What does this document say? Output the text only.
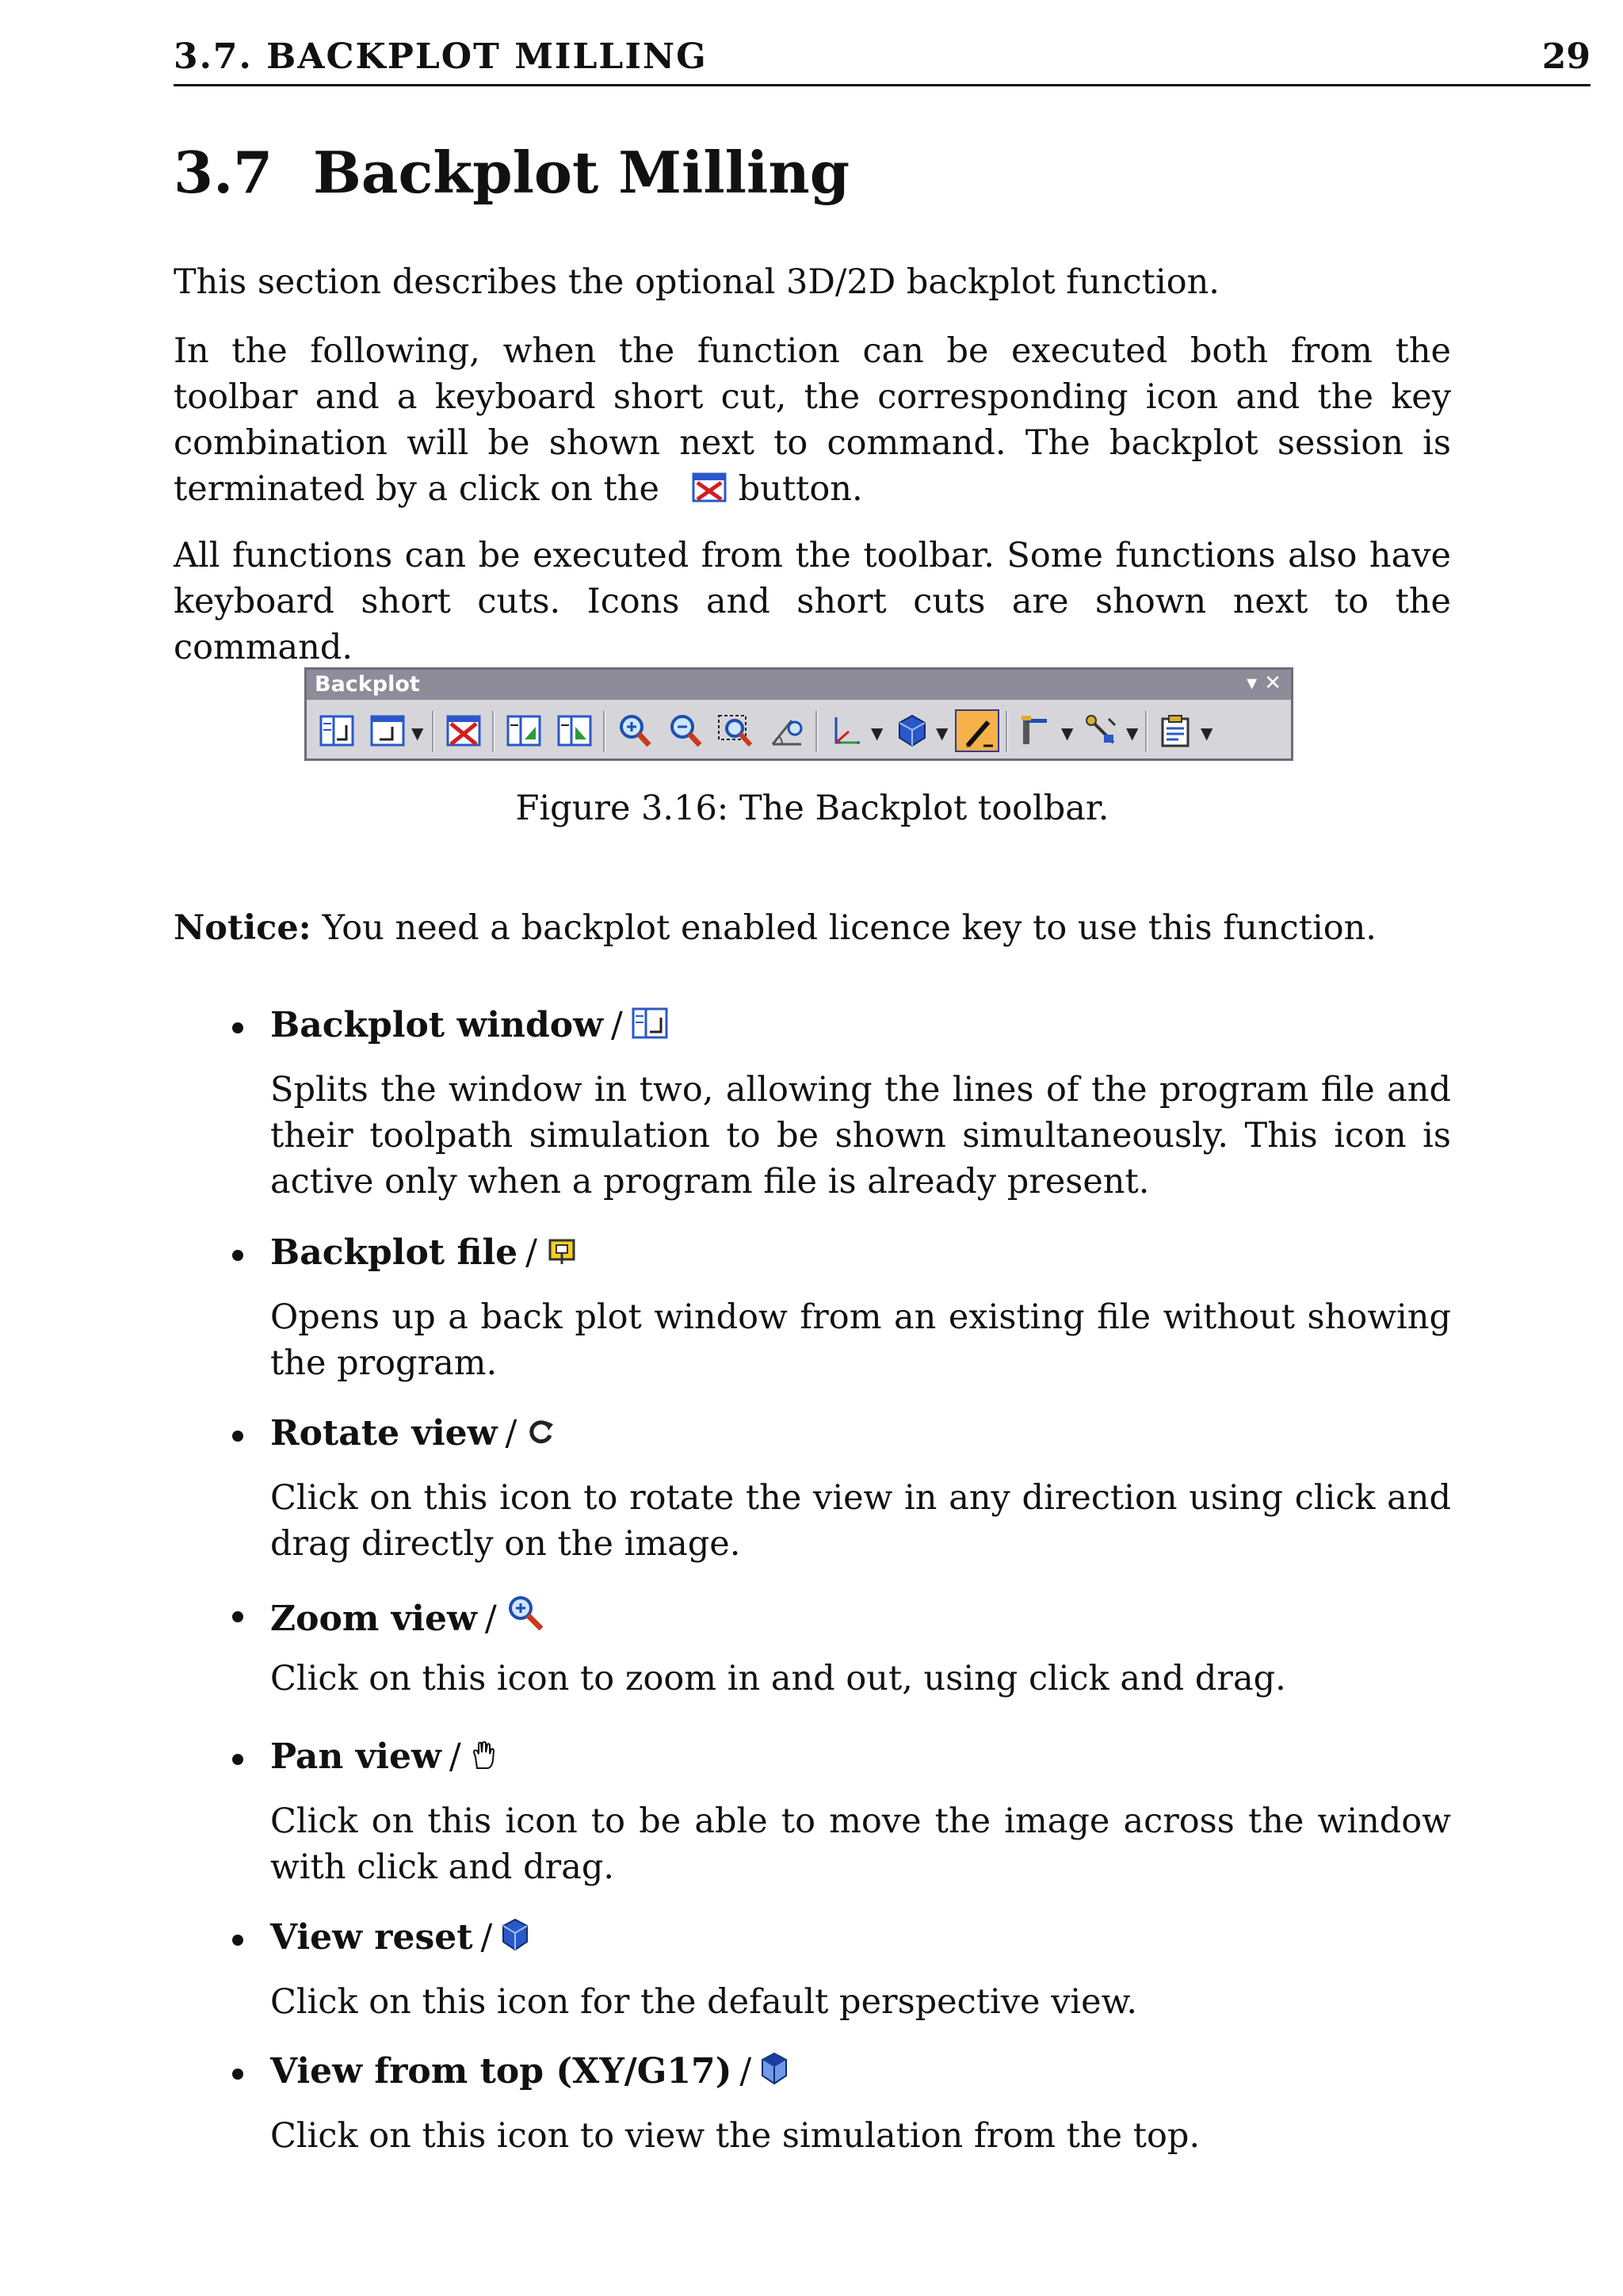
3.7. BACKPLOT MILLING	29
3.7 Backplot Milling

This section describes the optional 3D/2D backplot function.

In the following, when the function can be executed both from the toolbar and a keyboard short cut, the corresponding icon and the key combination will be shown next to command. The backplot session is terminated by a click on the button.

All functions can be executed from the toolbar. Some functions also have keyboard short cuts. Icons and short cuts are shown next to the command.

Backplot	▾ ✕
▼	▼	▼	▼	▼	▼
Figure 3.16: The Backplot toolbar.
Notice: You need a backplot enabled licence key to use this function.
Backplot window /

Splits the window in two, allowing the lines of the program file and their toolpath simulation to be shown simultaneously. This icon is active only when a program file is already present.

Backplot file /

Opens up a back plot window from an existing file without showing the program.

Rotate view /

Click on this icon to rotate the view in any direction using click and drag directly on the image.

Zoom view /

Click on this icon to zoom in and out, using click and drag.

Pan view /

Click on this icon to be able to move the image across the window with click and drag.

View reset /

Click on this icon for the default perspective view.

View from top (XY/G17) /

Click on this icon to view the simulation from the top.
